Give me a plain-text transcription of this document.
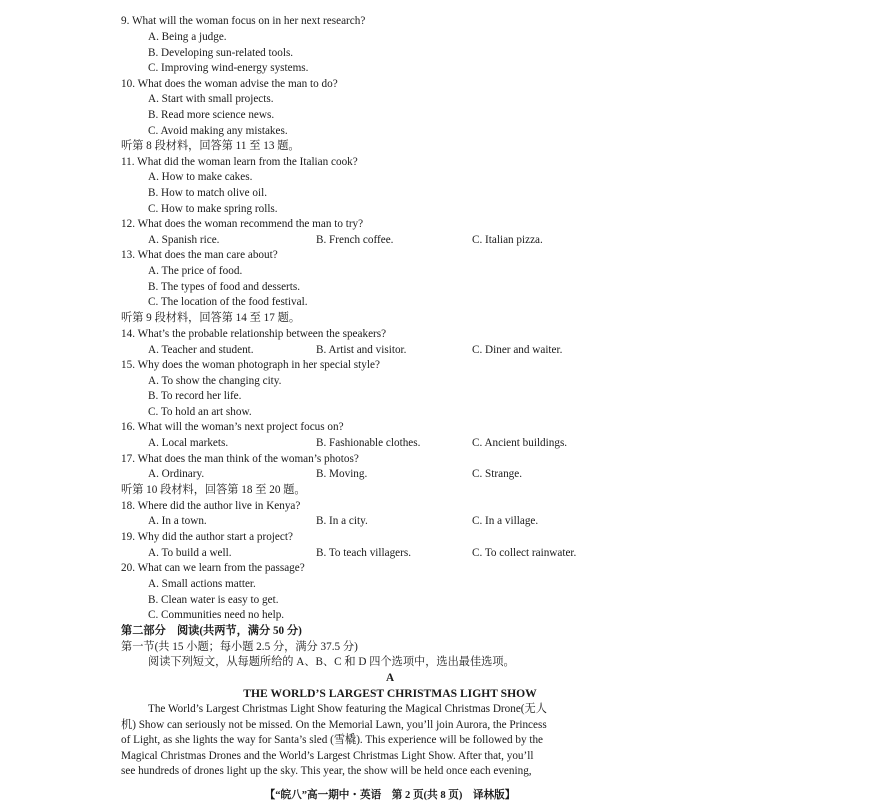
9. What will the woman focus on in her next research?
A. Being a judge.
B. Developing sun-related tools.
C. Improving wind-energy systems.
10. What does the woman advise the man to do?
A. Start with small projects.
B. Read more science news.
C. Avoid making any mistakes.
听第 8 段材料，回答第 11 至 13 题。
11. What did the woman learn from the Italian cook?
A. How to make cakes.
B. How to match olive oil.
C. How to make spring rolls.
12. What does the woman recommend the man to try?
A. Spanish rice.	B. French coffee.	C. Italian pizza.
13. What does the man care about?
A. The price of food.
B. The types of food and desserts.
C. The location of the food festival.
听第 9 段材料，回答第 14 至 17 题。
14. What’s the probable relationship between the speakers?
A. Teacher and student.	B. Artist and visitor.	C. Diner and waiter.
15. Why does the woman photograph in her special style?
A. To show the changing city.
B. To record her life.
C. To hold an art show.
16. What will the woman’s next project focus on?
A. Local markets.	B. Fashionable clothes.	C. Ancient buildings.
17. What does the man think of the woman’s photos?
A. Ordinary.	B. Moving.	C. Strange.
听第 10 段材料，回答第 18 至 20 题。
18. Where did the author live in Kenya?
A. In a town.	B. In a city.	C. In a village.
19. Why did the author start a project?
A. To build a well.	B. To teach villagers.	C. To collect rainwater.
20. What can we learn from the passage?
A. Small actions matter.
B. Clean water is easy to get.
C. Communities need no help.
第二部分　阅读(共两节，满分 50 分)
第一节(共 15 小题；每小题 2.5 分，满分 37.5 分)
阅读下列短文，从每题所给的 A、B、C 和 D 四个选项中，选出最佳选项。
A
THE WORLD’S LARGEST CHRISTMAS LIGHT SHOW
The World’s Largest Christmas Light Show featuring the Magical Christmas Drone(无人
机) Show can seriously not be missed. On the Memorial Lawn, you’ll join Aurora, the Princess
of Light, as she lights the way for Santa’s sled (雪橇). This experience will be followed by the
Magical Christmas Drones and the World’s Largest Christmas Light Show. After that, you’ll
see hundreds of drones light up the sky. This year, the show will be held once each evening,
【“皖八”高一期中・英语　第 2 页(共 8 页)　译林版】
